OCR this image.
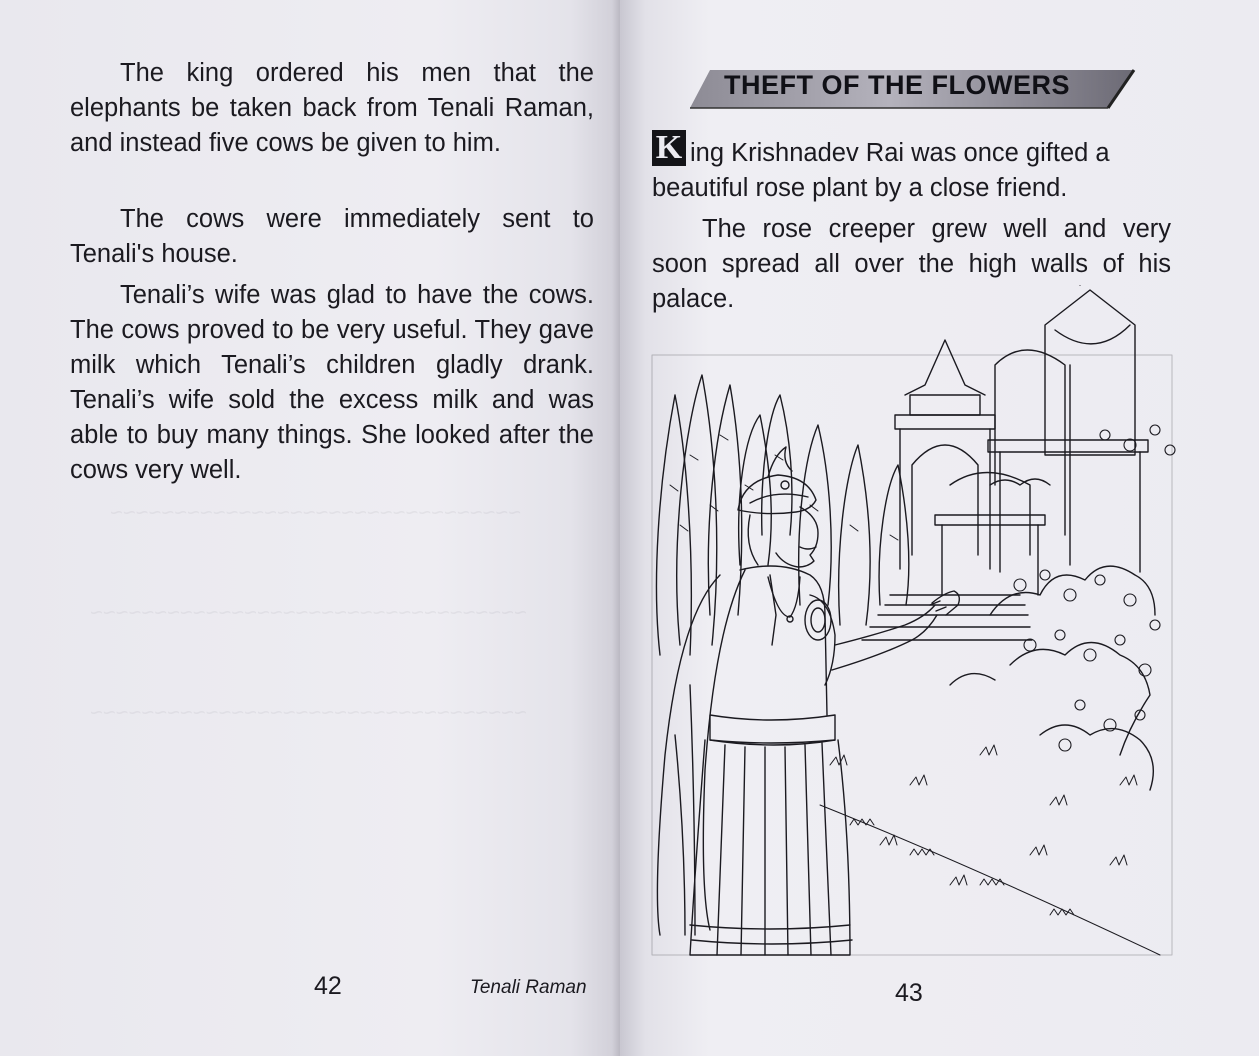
~~~~~~~~~~~~~~~~~~~~~~~~~~~~~~~~
~~~~~~~~~~~~~~~~~~~~~~~~~~~~~~~~~~
~~~~~~~~~~~~~~~~~~~~~~~~~~~~~~~~~~

The king ordered his men that the elephants be taken back from Tenali Raman, and instead five cows be given to him.

The cows were immediately sent to Tenali's house.

Tenali’s wife was glad to have the cows. The cows proved to be very useful. They gave milk which Tenali’s children gladly drank. Tenali’s wife sold the excess milk and was able to buy many things. She looked after the cows very well.

42	Tenali Raman
THEFT OF THE FLOWERS
K ing Krishnadev Rai was once gifted a
beautiful rose plant by a close friend.

The rose creeper grew well and very soon spread all over the high walls of his palace.

43
